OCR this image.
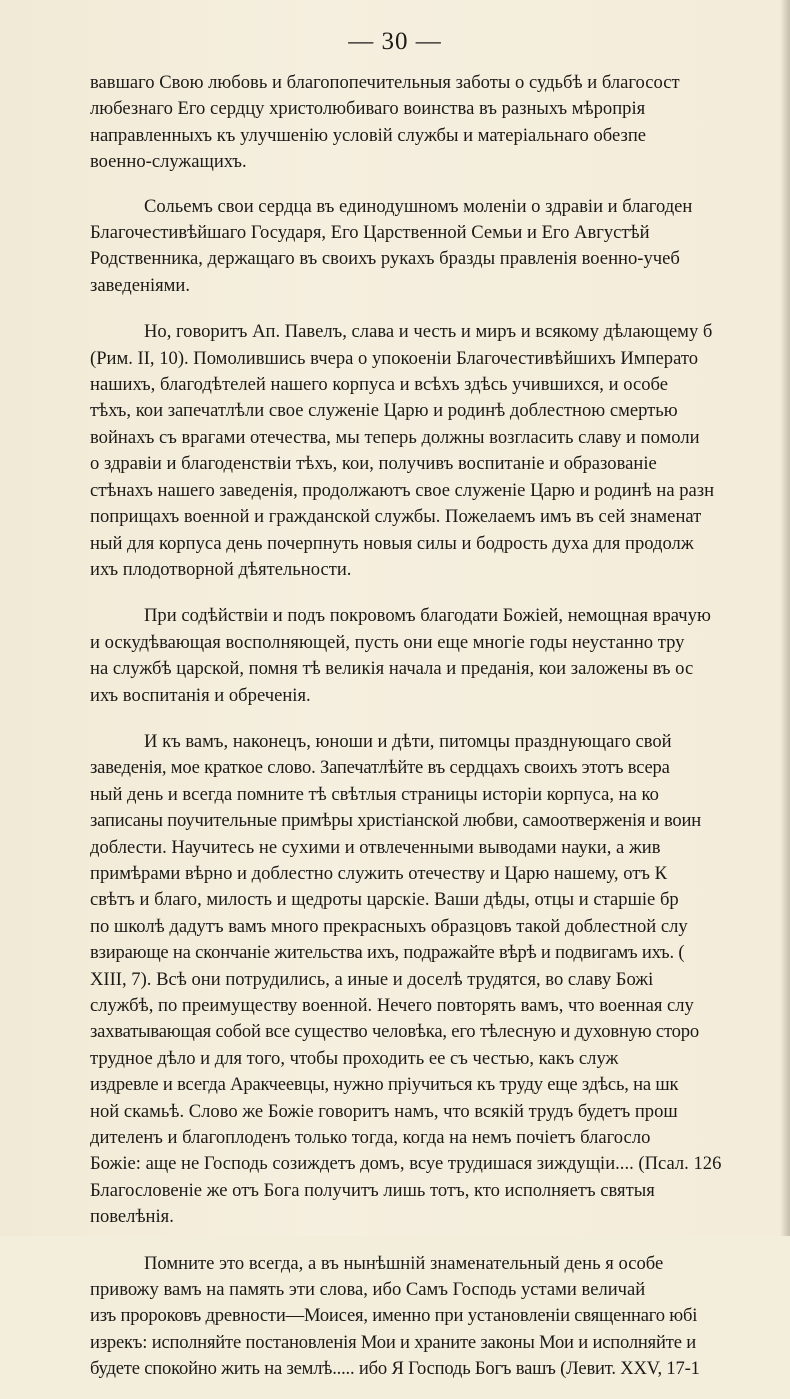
— 30 —

вавшаго Свою любовь и благопопечительныя заботы о судьбѣ и благосост
любезнаго Его сердцу христолюбиваго воинства въ разныхъ мѣропрія
направленныхъ къ улучшенію условій службы и матеріальнаго обезпе
военно-служащихъ.

Сольемъ свои сердца въ единодушномъ моленіи о здравіи и благоден
Благочестивѣйшаго Государя, Его Царственной Семьи и Его Августѣй
Родственника, держащаго въ своихъ рукахъ бразды правленія военно-учеб
заведеніями.

Но, говоритъ Ап. Павелъ, слава и честь и миръ и всякому дѣлающему б
(Рим. II, 10). Помолившись вчера о упокоеніи Благочестивѣйшихъ Императо
нашихъ, благодѣтелей нашего корпуса и всѣхъ здѣсь учившихся, и особе
тѣхъ, кои запечатлѣли свое служеніе Царю и родинѣ доблестною смертью
войнахъ съ врагами отечества, мы теперь должны возгласить славу и помоли
о здравіи и благоденствіи тѣхъ, кои, получивъ воспитаніе и образованіе
стѣнахъ нашего заведенія, продолжаютъ свое служеніе Царю и родинѣ на разн
поприщахъ военной и гражданской службы. Пожелаемъ имъ въ сей знаменат
ный для корпуса день почерпнуть новыя силы и бодрость духа для продолж
ихъ плодотворной дѣятельности.

При содѣйствіи и подъ покровомъ благодати Божіей, немощная врачую
и оскудѣвающая восполняющей, пусть они еще многіе годы неустанно тру
на службѣ царской, помня тѣ великія начала и преданія, кои заложены въ ос
ихъ воспитанія и обреченія.

И къ вамъ, наконецъ, юноши и дѣти, питомцы празднующаго свой
заведенія, мое краткое слово. Запечатлѣйте въ сердцахъ своихъ этотъ всера
ный день и всегда помните тѣ свѣтлыя страницы исторіи корпуса, на ко
записаны поучительные примѣры христіанской любви, самоотверженія и воин
доблести. Научитесь не сухими и отвлеченными выводами науки, а жив
примѣрами вѣрно и доблестно служить отечеству и Царю нашему, отъ К
свѣтъ и благо, милость и щедроты царскіе. Ваши дѣды, отцы и старшіе бр
по школѣ дадутъ вамъ много прекрасныхъ образцовъ такой доблестной слу
взирающе на скончаніе жительства ихъ, подражайте вѣрѣ и подвигамъ ихъ. (
XIII, 7). Всѣ они потрудились, а иные и доселѣ трудятся, во славу Божі
службѣ, по преимуществу военной. Нечего повторять вамъ, что военная слу
захватывающая собой все существо человѣка, его тѣлесную и духовную сторо
трудное дѣло и для того, чтобы проходить ее съ честью, какъ служ
издревле и всегда Аракчеевцы, нужно пріучиться къ труду еще здѣсь, на шк
ной скамьѣ. Слово же Божіе говоритъ намъ, что всякій трудъ будетъ прош
дителенъ и благоплоденъ только тогда, когда на немъ почіетъ благосло
Божіе: аще не Господь созиждетъ домъ, всуе трудишася зиждущіи.... (Псал. 126
Благословеніе же отъ Бога получитъ лишь тотъ, кто исполняетъ святыя
повелѣнія.

Помните это всегда, а въ нынѣшній знаменательный день я особе
привожу вамъ на память эти слова, ибо Самъ Господь устами величай
изъ пророковъ древности—Моисея, именно при установленіи священнаго юбі
изрекъ: исполняйте постановленія Мои и храните законы Мои и исполняйте и
будете спокойно жить на землѣ..... ибо Я Господь Богъ вашъ (Левит. XXV, 17-1
